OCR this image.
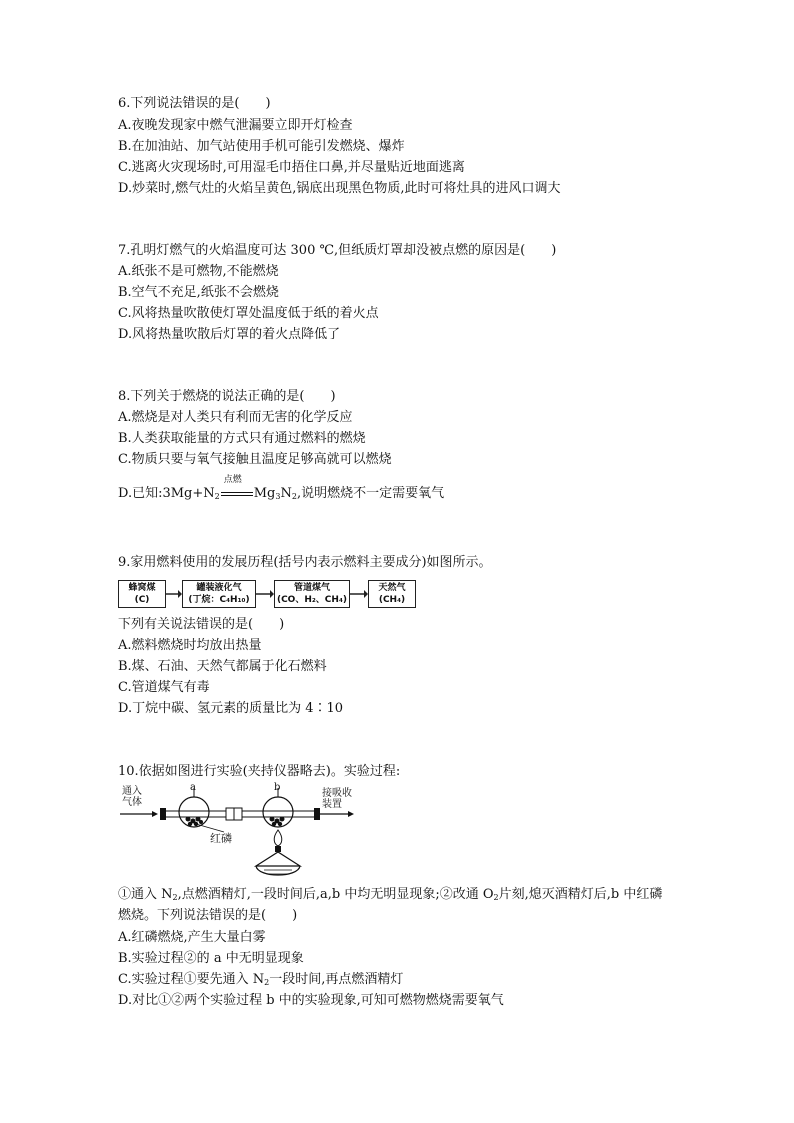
6.下列说法错误的是(　　)
A.夜晚发现家中燃气泄漏要立即开灯检查
B.在加油站、加气站使用手机可能引发燃烧、爆炸
C.逃离火灾现场时,可用湿毛巾捂住口鼻,并尽量贴近地面逃离
D.炒菜时,燃气灶的火焰呈黄色,锅底出现黑色物质,此时可将灶具的进风口调大
7.孔明灯燃气的火焰温度可达 300 ℃,但纸质灯罩却没被点燃的原因是(　　)
A.纸张不是可燃物,不能燃烧
B.空气不充足,纸张不会燃烧
C.风将热量吹散使灯罩处温度低于纸的着火点
D.风将热量吹散后灯罩的着火点降低了
8.下列关于燃烧的说法正确的是(　　)
A.燃烧是对人类只有利而无害的化学反应
B.人类获取能量的方式只有通过燃料的燃烧
C.物质只要与氧气接触且温度足够高就可以燃烧
D.已知$:3Mg+N_2$
点燃
$Mg_3N_2$,说明燃烧不一定需要氧气
9.家用燃料使用的发展历程(括号内表示燃料主要成分)如图所示。
蜂窝煤
(C)
罐装液化气
(丁烷：C₄H₁₀)
管道煤气
(CO、H₂、CH₄)
天然气
(CH₄)
下列有关说法错误的是(　　)
A.燃料燃烧时均放出热量
B.煤、石油、天然气都属于化石燃料
C.管道煤气有毒
D.丁烷中碳、氢元素的质量比为 4∶10
10.依据如图进行实验(夹持仪器略去)。实验过程:
通入
气体
a	b
接吸收
装置
红磷
①通入 $N_2$,点燃酒精灯,一段时间后,a,b 中均无明显现象;②改通 $O_2$片刻,熄灭酒精灯后,b 中红磷
燃烧。下列说法错误的是(　　)
A.红磷燃烧,产生大量白雾
B.实验过程②的 a 中无明显现象
C.实验过程①要先通入 $N_2$一段时间,再点燃酒精灯
D.对比①②两个实验过程 b 中的实验现象,可知可燃物燃烧需要氧气
